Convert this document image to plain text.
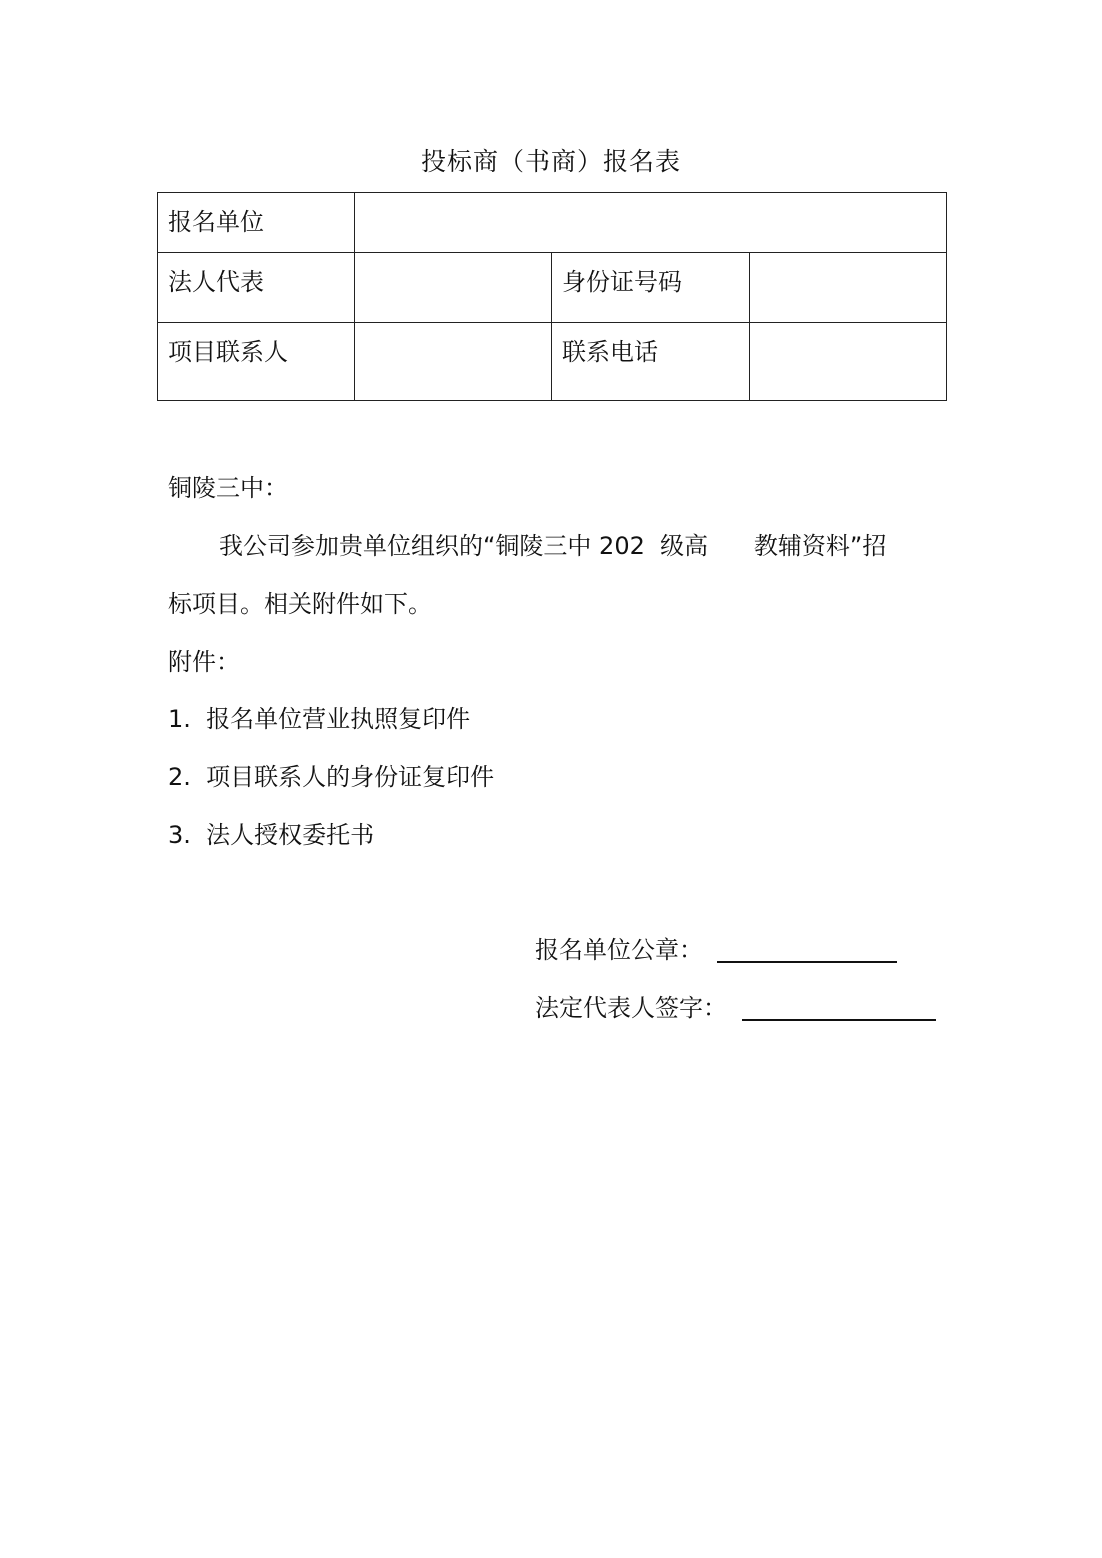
投标商（书商）报名表
报名单位			
法人代表		身份证号码	
项目联系人		联系电话	
铜陵三中：
我公司参加贵单位组织的“铜陵三中 202  级高      教辅资料”招
标项目。相关附件如下。
附件：
1.  报名单位营业执照复印件
2.  项目联系人的身份证复印件
3.  法人授权委托书
报名单位公章：
法定代表人签字：
